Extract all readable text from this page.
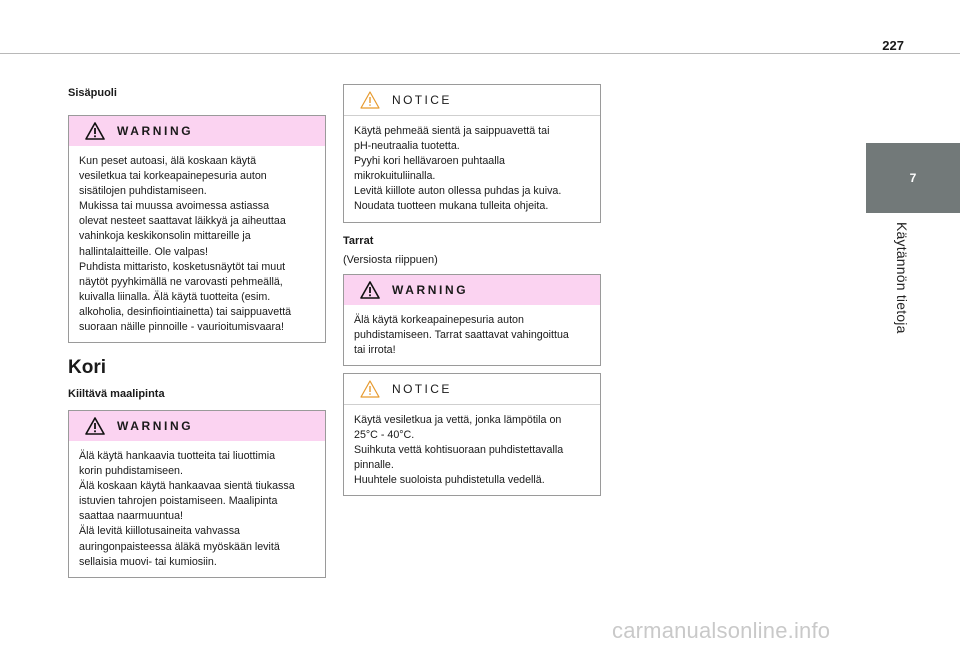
227
7
Käytännön tietoja
Sisäpuoli
WARNING
Kun peset autoasi, älä koskaan käytä
vesiletkua tai korkeapainepesuria auton
sisätilojen puhdistamiseen.
Mukissa tai muussa avoimessa astiassa
olevat nesteet saattavat läikkyä ja aiheuttaa
vahinkoja keskikonsolin mittareille ja
hallintalaitteille. Ole valpas!
Puhdista mittaristo, kosketusnäytöt tai muut
näytöt pyyhkimällä ne varovasti pehmeällä,
kuivalla liinalla. Älä käytä tuotteita (esim.
alkoholia, desinfiointiainetta) tai saippuavettä
suoraan näille pinnoille - vaurioitumisvaara!
Kori
Kiiltävä maalipinta
WARNING
Älä käytä hankaavia tuotteita tai liuottimia
korin puhdistamiseen.
Älä koskaan käytä hankaavaa sientä tiukassa
istuvien tahrojen poistamiseen. Maalipinta
saattaa naarmuuntua!
Älä levitä kiillotusaineita vahvassa
auringonpaisteessa äläkä myöskään levitä
sellaisia muovi- tai kumiosiin.
NOTICE
Käytä pehmeää sientä ja saippuavettä tai
pH-neutraalia tuotetta.
Pyyhi kori hellävaroen puhtaalla
mikrokuituliinalla.
Levitä kiillote auton ollessa puhdas ja kuiva.
Noudata tuotteen mukana tulleita ohjeita.
Tarrat
(Versiosta riippuen)
WARNING
Älä käytä korkeapainepesuria auton
puhdistamiseen. Tarrat saattavat vahingoittua
tai irrota!
NOTICE
Käytä vesiletkua ja vettä, jonka lämpötila on
25°C - 40°C.
Suihkuta vettä kohtisuoraan puhdistettavalla
pinnalle.
Huuhtele suoloista puhdistetulla vedellä.
carmanualsonline.info
